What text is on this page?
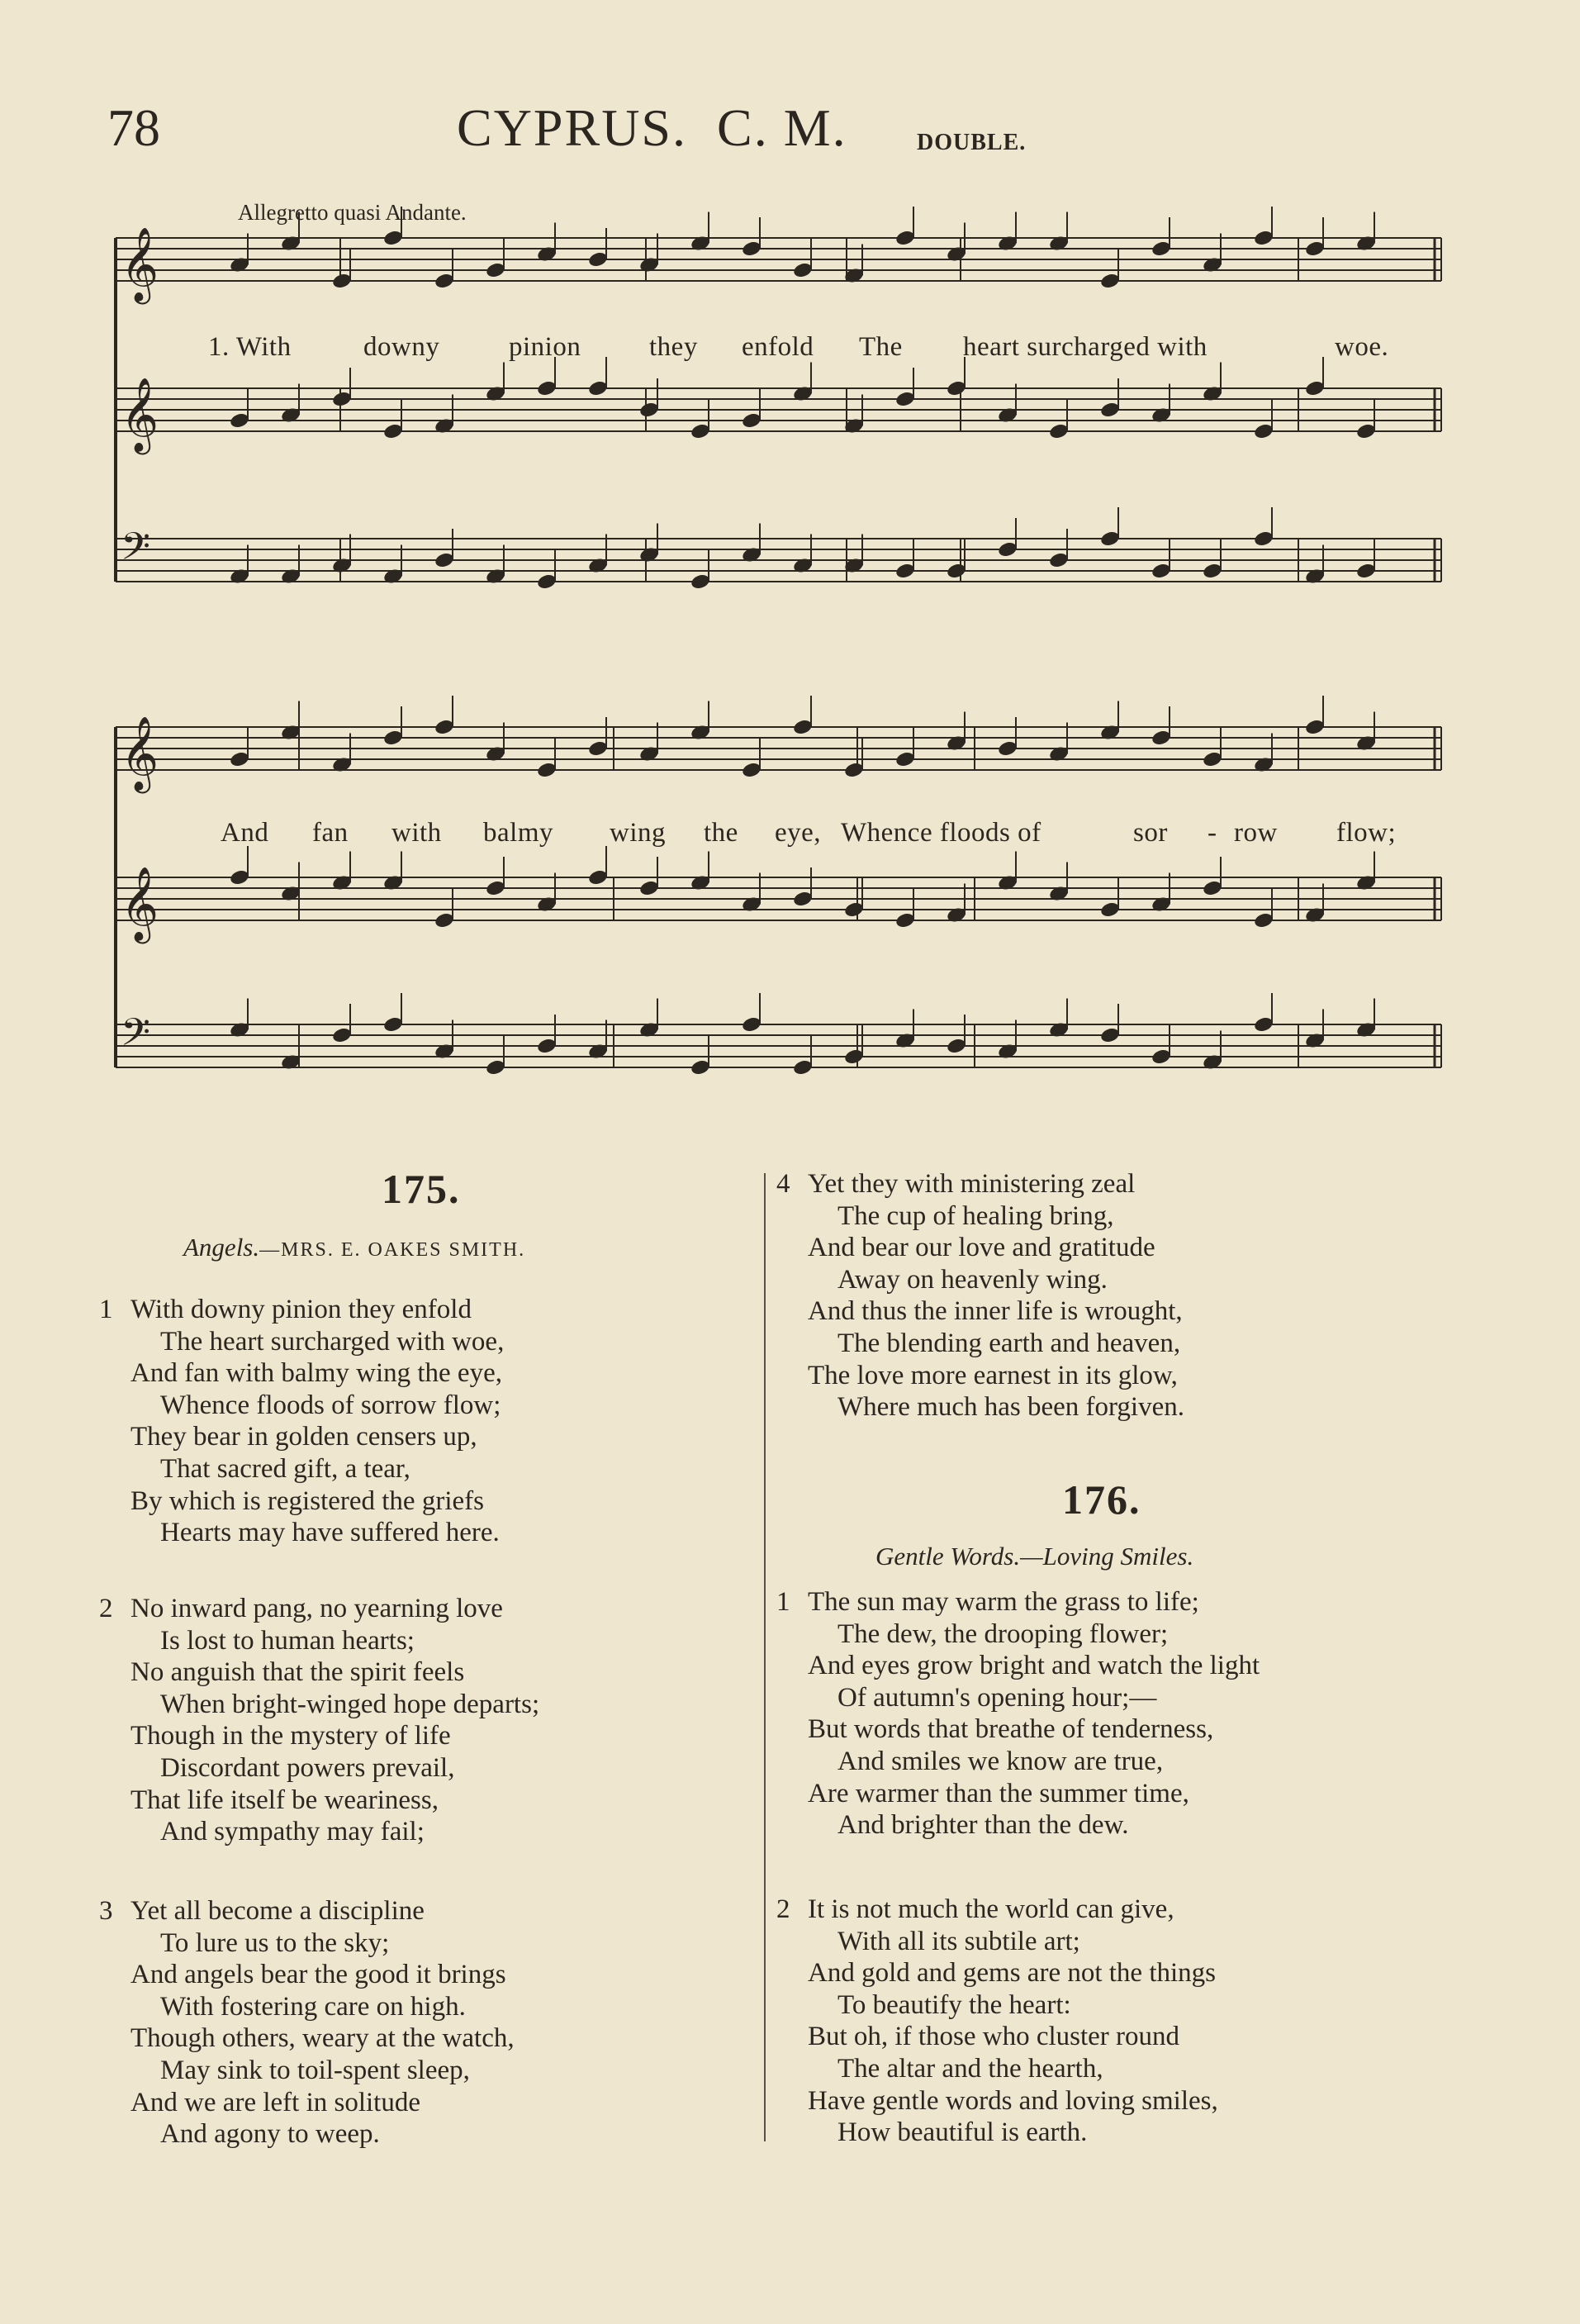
78	CYPRUS. C. M.	DOUBLE.
Allegretto quasi Andante.
𝄞
𝄞
𝄢
𝄞
𝄞
𝄢
1. With	downy	pinion	they enfold The heart surcharged with	woe.
And fan with balmy wing the eye, Whence floods of	sor - row flow;
175.
Angels.—MRS. E. OAKES SMITH.
1 With downy pinion they enfold
The heart surcharged with woe,
And fan with balmy wing the eye,
Whence floods of sorrow flow;
They bear in golden censers up,
That sacred gift, a tear,
By which is registered the griefs
Hearts may have suffered here.
2 No inward pang, no yearning love
Is lost to human hearts;
No anguish that the spirit feels
When bright-winged hope departs;
Though in the mystery of life
Discordant powers prevail,
That life itself be weariness,
And sympathy may fail;
3 Yet all become a discipline
To lure us to the sky;
And angels bear the good it brings
With fostering care on high.
Though others, weary at the watch,
May sink to toil-spent sleep,
And we are left in solitude
And agony to weep.
4 Yet they with ministering zeal
The cup of healing bring,
And bear our love and gratitude
Away on heavenly wing.
And thus the inner life is wrought,
The blending earth and heaven,
The love more earnest in its glow,
Where much has been forgiven.
176.
Gentle Words.—Loving Smiles.
1 The sun may warm the grass to life;
The dew, the drooping flower;
And eyes grow bright and watch the light
Of autumn's opening hour;—
But words that breathe of tenderness,
And smiles we know are true,
Are warmer than the summer time,
And brighter than the dew.
2 It is not much the world can give,
With all its subtile art;
And gold and gems are not the things
To beautify the heart:
But oh, if those who cluster round
The altar and the hearth,
Have gentle words and loving smiles,
How beautiful is earth.
